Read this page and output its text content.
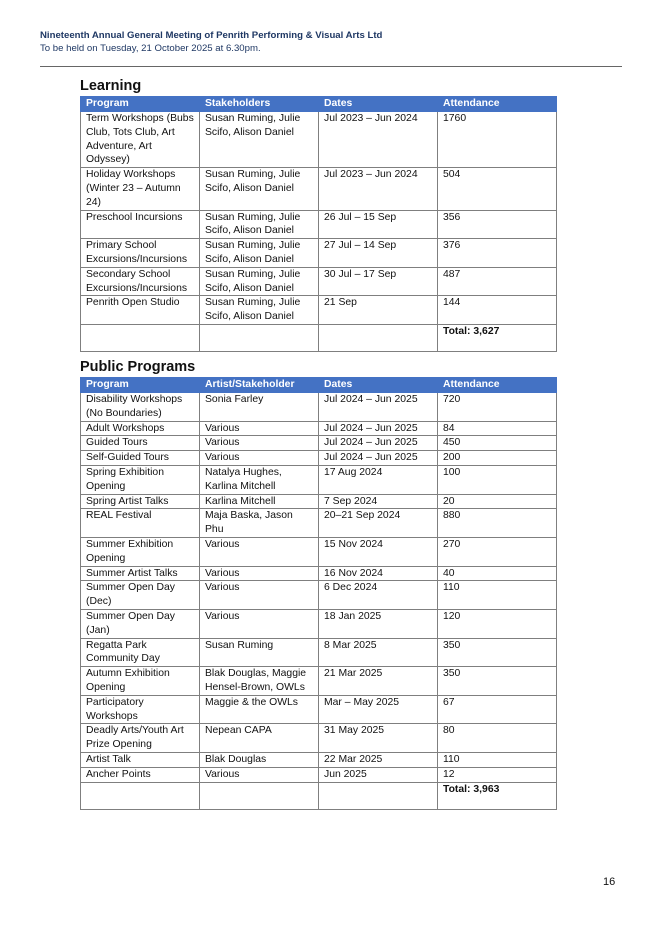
Nineteenth Annual General Meeting of Penrith Performing & Visual Arts Ltd
To be held on Tuesday, 21 October 2025 at 6.30pm.
Learning
Program	Stakeholders	Dates	Attendance
Term Workshops (Bubs Club, Tots Club, Art Adventure, Art Odyssey)	Susan Ruming, Julie Scifo, Alison Daniel	Jul 2023 – Jun 2024	1760
Holiday Workshops (Winter 23 – Autumn 24)	Susan Ruming, Julie Scifo, Alison Daniel	Jul 2023 – Jun 2024	504
Preschool Incursions	Susan Ruming, Julie Scifo, Alison Daniel	26 Jul – 15 Sep	356
Primary School Excursions/Incursions	Susan Ruming, Julie Scifo, Alison Daniel	27 Jul – 14 Sep	376
Secondary School Excursions/Incursions	Susan Ruming, Julie Scifo, Alison Daniel	30 Jul – 17 Sep	487
Penrith Open Studio	Susan Ruming, Julie Scifo, Alison Daniel	21 Sep	144
			Total: 3,627
Public Programs
Program	Artist/Stakeholder	Dates	Attendance
Disability Workshops (No Boundaries)	Sonia Farley	Jul 2024 – Jun 2025	720
Adult Workshops	Various	Jul 2024 – Jun 2025	84
Guided Tours	Various	Jul 2024 – Jun 2025	450
Self-Guided Tours	Various	Jul 2024 – Jun 2025	200
Spring Exhibition Opening	Natalya Hughes, Karlina Mitchell	17 Aug 2024	100
Spring Artist Talks	Karlina Mitchell	7 Sep 2024	20
REAL Festival	Maja Baska, Jason Phu	20–21 Sep 2024	880
Summer Exhibition Opening	Various	15 Nov 2024	270
Summer Artist Talks	Various	16 Nov 2024	40
Summer Open Day (Dec)	Various	6 Dec 2024	110
Summer Open Day (Jan)	Various	18 Jan 2025	120
Regatta Park Community Day	Susan Ruming	8 Mar 2025	350
Autumn Exhibition Opening	Blak Douglas, Maggie Hensel-Brown, OWLs	21 Mar 2025	350
Participatory Workshops	Maggie & the OWLs	Mar – May 2025	67
Deadly Arts/Youth Art Prize Opening	Nepean CAPA	31 May 2025	80
Artist Talk	Blak Douglas	22 Mar 2025	110
Ancher Points	Various	Jun 2025	12
			Total: 3,963
16
